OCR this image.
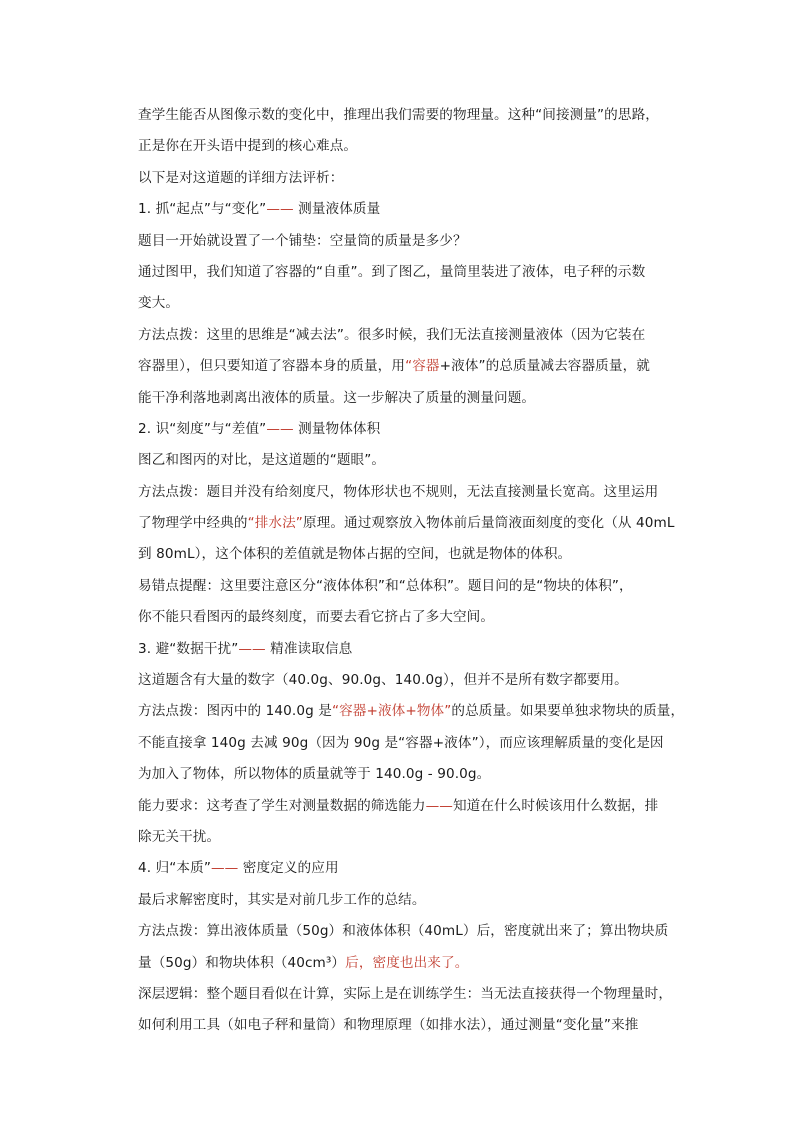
查学生能否从图像示数的变化中，推理出我们需要的物理量。这种“间接测量”的思路，
正是你在开头语中提到的核心难点。
以下是对这道题的详细方法评析：
1. 抓“起点”与“变化”—— 测量液体质量
题目一开始就设置了一个铺垫：空量筒的质量是多少？
通过图甲，我们知道了容器的“自重”。到了图乙，量筒里装进了液体，电子秤的示数
变大。
方法点拨：这里的思维是“减去法”。很多时候，我们无法直接测量液体（因为它装在
容器里），但只要知道了容器本身的质量，用“容器+液体”的总质量减去容器质量，就
能干净利落地剥离出液体的质量。这一步解决了质量的测量问题。
2. 识“刻度”与“差值”—— 测量物体体积
图乙和图丙的对比，是这道题的“题眼”。
方法点拨：题目并没有给刻度尺，物体形状也不规则，无法直接测量长宽高。这里运用
了物理学中经典的“排水法”原理。通过观察放入物体前后量筒液面刻度的变化（从 40mL
到 80mL），这个体积的差值就是物体占据的空间，也就是物体的体积。
易错点提醒：这里要注意区分“液体体积”和“总体积”。题目问的是“物块的体积”，
你不能只看图丙的最终刻度，而要去看它挤占了多大空间。
3. 避“数据干扰”—— 精准读取信息
这道题含有大量的数字（40.0g、90.0g、140.0g），但并不是所有数字都要用。
方法点拨：图丙中的 140.0g 是“容器+液体+物体”的总质量。如果要单独求物块的质量，
不能直接拿 140g 去减 90g（因为 90g 是“容器+液体”），而应该理解质量的变化是因
为加入了物体，所以物体的质量就等于 140.0g - 90.0g。
能力要求：这考查了学生对测量数据的筛选能力——知道在什么时候该用什么数据，排
除无关干扰。
4. 归“本质”—— 密度定义的应用
最后求解密度时，其实是对前几步工作的总结。
方法点拨：算出液体质量（50g）和液体体积（40mL）后，密度就出来了；算出物块质
量（50g）和物块体积（40cm³）后，密度也出来了。
深层逻辑：整个题目看似在计算，实际上是在训练学生：当无法直接获得一个物理量时，
如何利用工具（如电子秤和量筒）和物理原理（如排水法），通过测量“变化量”来推
